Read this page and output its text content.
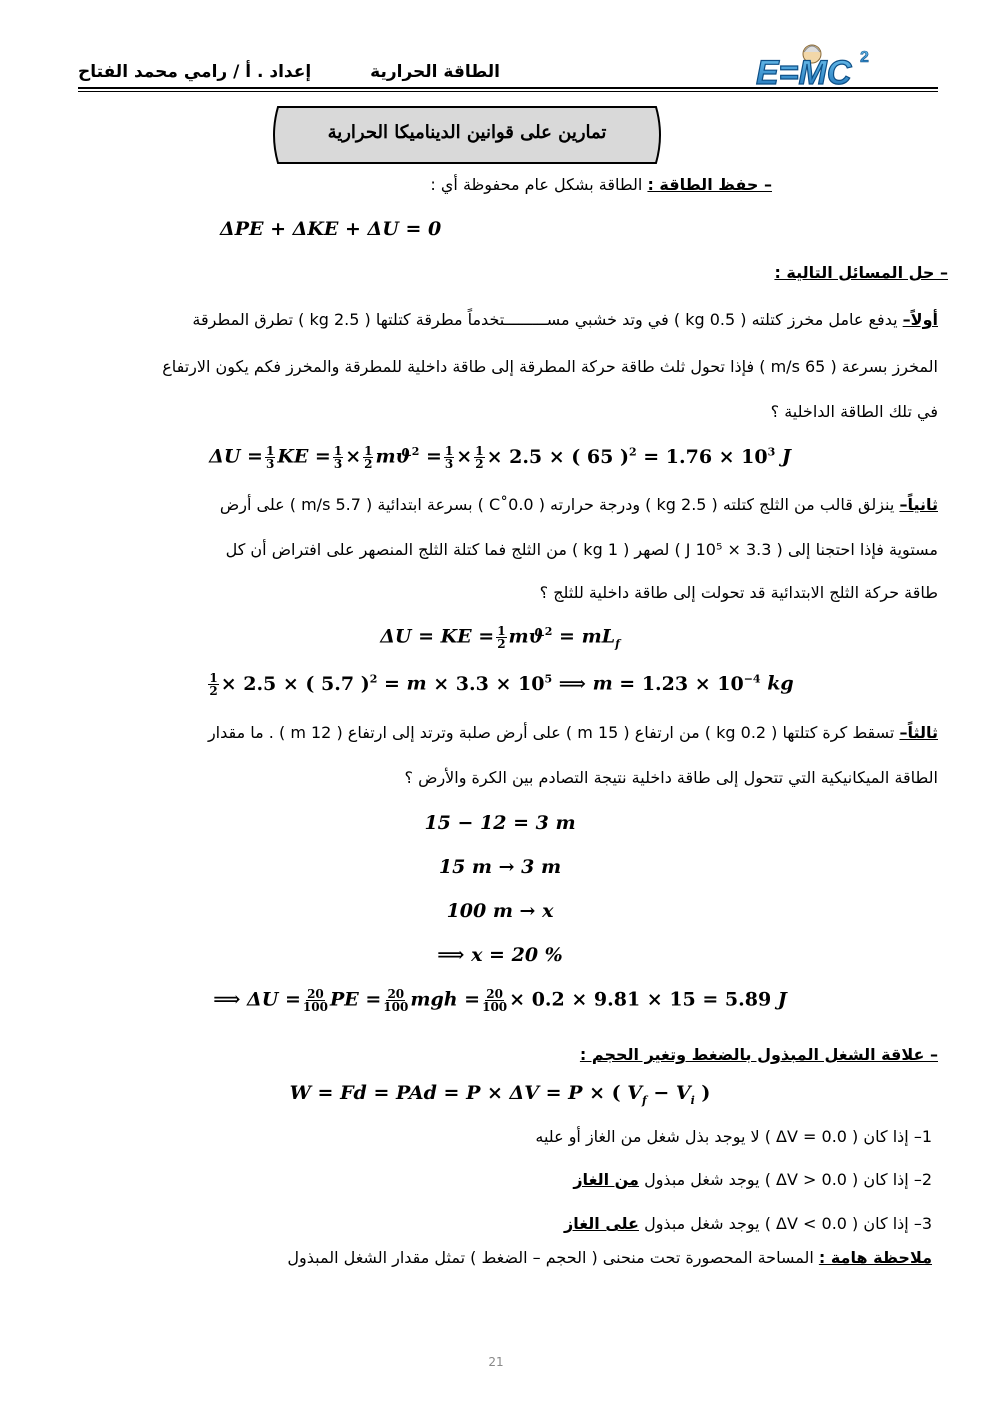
إعداد . أ / رامي محمد الفتاح	الطاقة الحرارية	E=MC 2
تمارين على قوانين الديناميكا الحرارية
– حفظ الطاقة : الطاقة بشكل عام محفوظة أي :
ΔPE + ΔKE + ΔU = 0
– حل المسائل التالية :
أولاً– يدفع عامل مخرز كتلته ( 0.5 kg ) في وتد خشبي مســـــــــتخدماً مطرقة كتلتها ( 2.5 kg ) تطرق المطرقة
المخرز بسرعة ( 65 m/s ) فإذا تحول ثلث طاقة حركة المطرقة إلى طاقة داخلية للمطرقة والمخرز فكم يكون الارتفاع
في تلك الطاقة الداخلية ؟
$\Delta U = \frac{1}{3}$ KE = $\frac{1}{3} \times \frac{1}{2} mϑ^2 = \frac{1}{3} \times \frac{1}{2} \times 2.5$ × ( 65 )$^2 = 1.76 \times 10^3$ J
ثانياً– ينزلق قالب من الثلج كتلته ( 2.5 kg ) ودرجة حرارته ( 0.0˚C ) بسرعة ابتدائية ( 5.7 m/s ) على أرض
مستوية فإذا احتجنا إلى ( 3.3 × 10⁵ J ) لصهر ( 1 kg ) من الثلج فما كتلة الثلج المنصهر على افتراض أن كل
طاقة حركة الثلج الابتدائية قد تحولت إلى طاقة داخلية للثلج ؟
ΔU = KE = $\frac{1}{2} mϑ^2 = mL_f$
$\frac{1}{2} \times 2.5$ × ( 5.7 )$^2 = m \times 3.3 \times 10^5$ ⟹ $m = 1.23 \times 10^{-4}$ kg
ثالثاً– تسقط كرة كتلتها ( 0.2 kg ) من ارتفاع ( 15 m ) على أرض صلبة وترتد إلى ارتفاع ( 12 m ) . ما مقدار
الطاقة الميكانيكية التي تتحول إلى طاقة داخلية نتيجة التصادم بين الكرة والأرض ؟
15 − 12 = 3 m
15 m → 3 m
100 m → x
⟹ x = 20 %
⟹ $\Delta U = \frac{20}{100}$ PE = $\frac{20}{100}$ mgh = $\frac{20}{100} \times 0.2 \times 9.81 \times 15 = 5.89$ J
– علاقة الشغل المبذول بالضغط وتغير الحجم :
W = Fd = PAd = P × ΔV = P × ( $V_f - V_i$ )
1– إذا كان ( ΔV = 0.0 ) لا يوجد بذل شغل من الغاز أو عليه
2– إذا كان ( ΔV > 0.0 ) يوجد شغل مبذول من الغاز
3– إذا كان ( ΔV < 0.0 ) يوجد شغل مبذول على الغاز
ملاحظة هامة : المساحة المحصورة تحت منحنى ( الحجم – الضغط ) تمثل مقدار الشغل المبذول
21
